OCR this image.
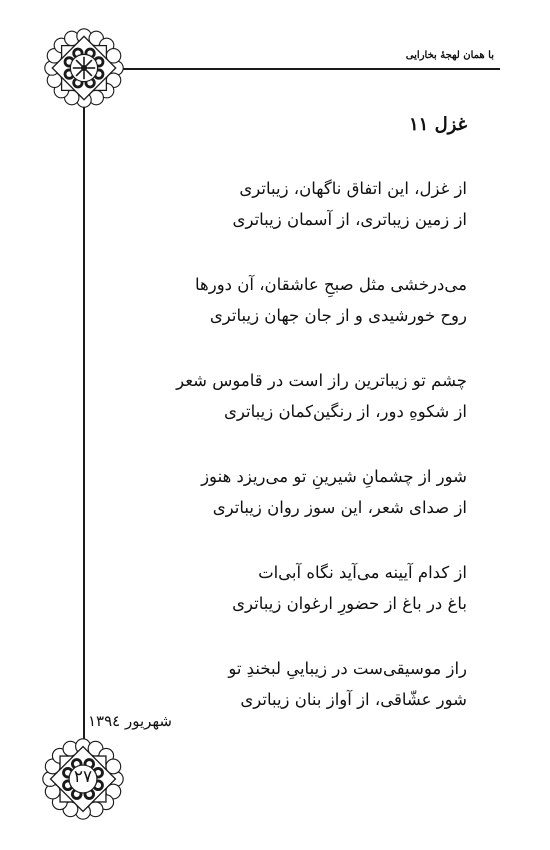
با همان لهجهٔ بخارایی
غزل ۱۱
از غزل، این اتفاق ناگهان، زیباتری
از زمین زیباتری، از آسمان زیباتری
می‌درخشی مثل صبحِ عاشقان، آن دورها
روح خورشیدی و از جان جهان زیباتری
چشم تو زیباترین راز است در قاموس شعر
از شکوهِ دور، از رنگین‌کمان زیباتری
شور از چشمانِ شیرینِ تو می‌ریزد هنوز
از صدای شعر، این سوز روان زیباتری
از کدام آیینه می‌آید نگاه آبی‌ات
باغ در باغ از حضورِ ارغوان زیباتری
راز موسیقی‌ست در زیباییِ لبخندِ تو
شور عشّاقی، از آواز بنان زیباتری
شهریور ۱۳۹٤
۲۷
